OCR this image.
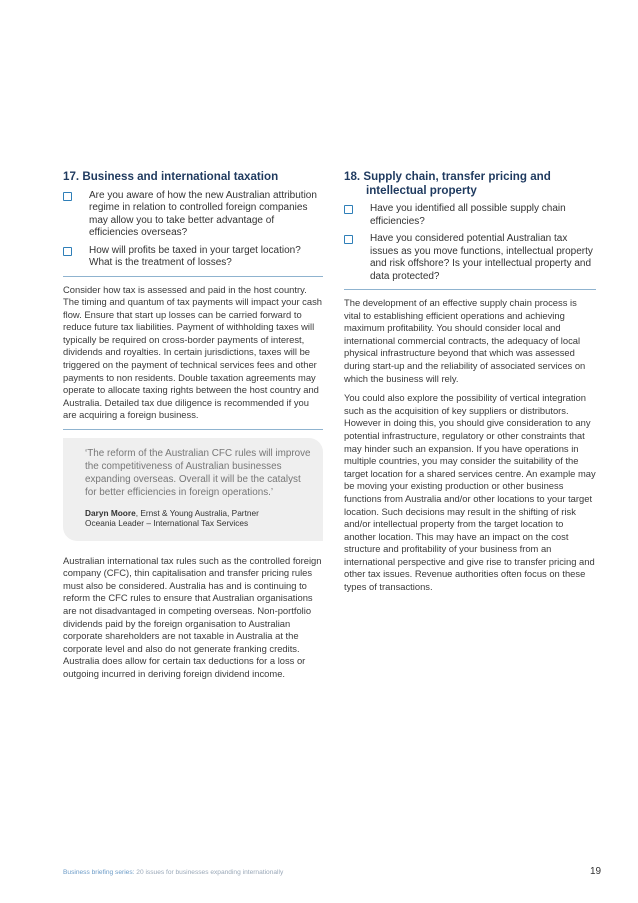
17. Business and international taxation
Are you aware of how the new Australian attribution regime in relation to controlled foreign companies may allow you to take better advantage of efficiencies overseas?
How will profits be taxed in your target location? What is the treatment of losses?

Consider how tax is assessed and paid in the host country. The timing and quantum of tax payments will impact your cash flow. Ensure that start up losses can be carried forward to reduce future tax liabilities. Payment of withholding taxes will typically be required on cross-border payments of interest, dividends and royalties. In certain jurisdictions, taxes will be triggered on the payment of technical services fees and other payments to non residents. Double taxation agreements may operate to allocate taxing rights between the host country and Australia. Detailed tax due diligence is recommended if you are acquiring a foreign business.

‘The reform of the Australian CFC rules will improve the competitiveness of Australian businesses expanding overseas. Overall it will be the catalyst for better efficiencies in foreign operations.’

Daryn Moore, Ernst & Young Australia, Partner
Oceania Leader – International Tax Services

Australian international tax rules such as the controlled foreign company (CFC), thin capitalisation and transfer pricing rules must also be considered. Australia has and is continuing to reform the CFC rules to ensure that Australian organisations are not disadvantaged in competing overseas. Non-portfolio dividends paid by the foreign organisation to Australian corporate shareholders are not taxable in Australia at the corporate level and also do not generate franking credits. Australia does allow for certain tax deductions for a loss or outgoing incurred in deriving foreign dividend income.

18. Supply chain, transfer pricing and intellectual property
Have you identified all possible supply chain efficiencies?
Have you considered potential Australian tax issues as you move functions, intellectual property and risk offshore? Is your intellectual property and data protected?

The development of an effective supply chain process is vital to establishing efficient operations and achieving maximum profitability. You should consider local and international commercial contracts, the adequacy of local physical infrastructure beyond that which was assessed during start-up and the reliability of associated services on which the business will rely.

You could also explore the possibility of vertical integration such as the acquisition of key suppliers or distributors. However in doing this, you should give consideration to any potential infrastructure, regulatory or other constraints that may hinder such an expansion. If you have operations in multiple countries, you may consider the suitability of the target location for a shared services centre. An example may be moving your existing production or other business functions from Australia and/or other locations to your target location. Such decisions may result in the shifting of risk and/or intellectual property from the target location to another location. This may have an impact on the cost structure and profitability of your business from an international perspective and give rise to transfer pricing and other tax issues. Revenue authorities often focus on these types of transactions.

Business briefing series: 20 issues for businesses expanding internationally	19
